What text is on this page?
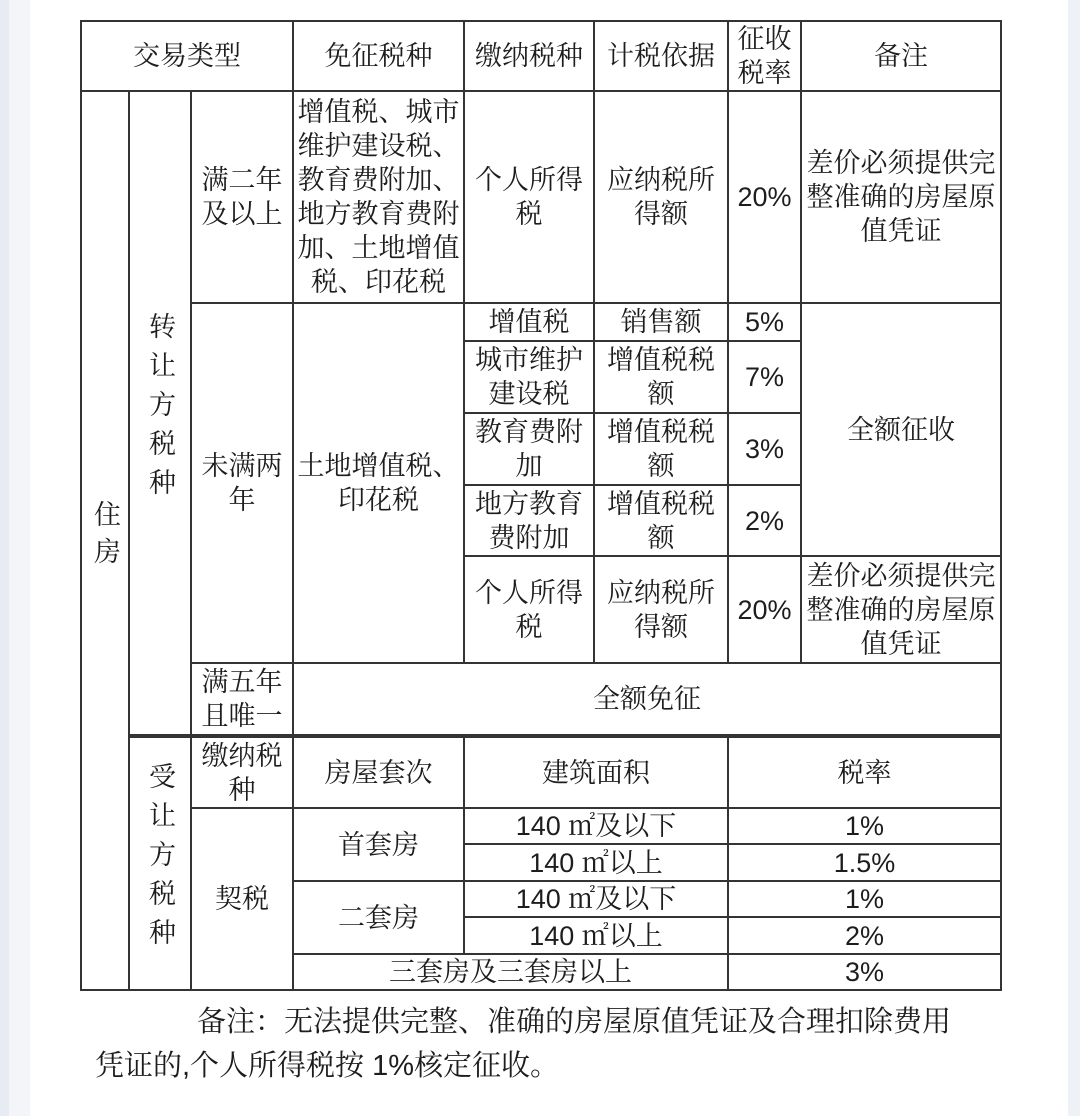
交易类型			免征税种	缴纳税种	计税依据	征收税率	备注
住房	转让方税种	满二年及以上	增值税、城市维护建设税、教育费附加、地方教育费附加、土地增值税、印花税	个人所得税	应纳税所得额	20%	差价必须提供完整准确的房屋原值凭证
		未满两年	土地增值税、印花税	增值税	销售额	5%	全额征收
				城市维护建设税	增值税税额	7%	
				教育费附加	增值税税额	3%	
				地方教育费附加	增值税税额	2%	
				个人所得税	应纳税所得额	20%	差价必须提供完整准确的房屋原值凭证
		满五年且唯一	全额免征				
	受让方税种	缴纳税种	房屋套次	建筑面积		税率	
		契税	首套房	140 ㎡及以下		1%	
				140 ㎡以上		1.5%	
			二套房	140 ㎡及以下		1%	
				140 ㎡以上		2%	
			三套房及三套房以上			3%	
备注：无法提供完整、准确的房屋原值凭证及合理扣除费用
凭证的,个人所得税按 1%核定征收。
